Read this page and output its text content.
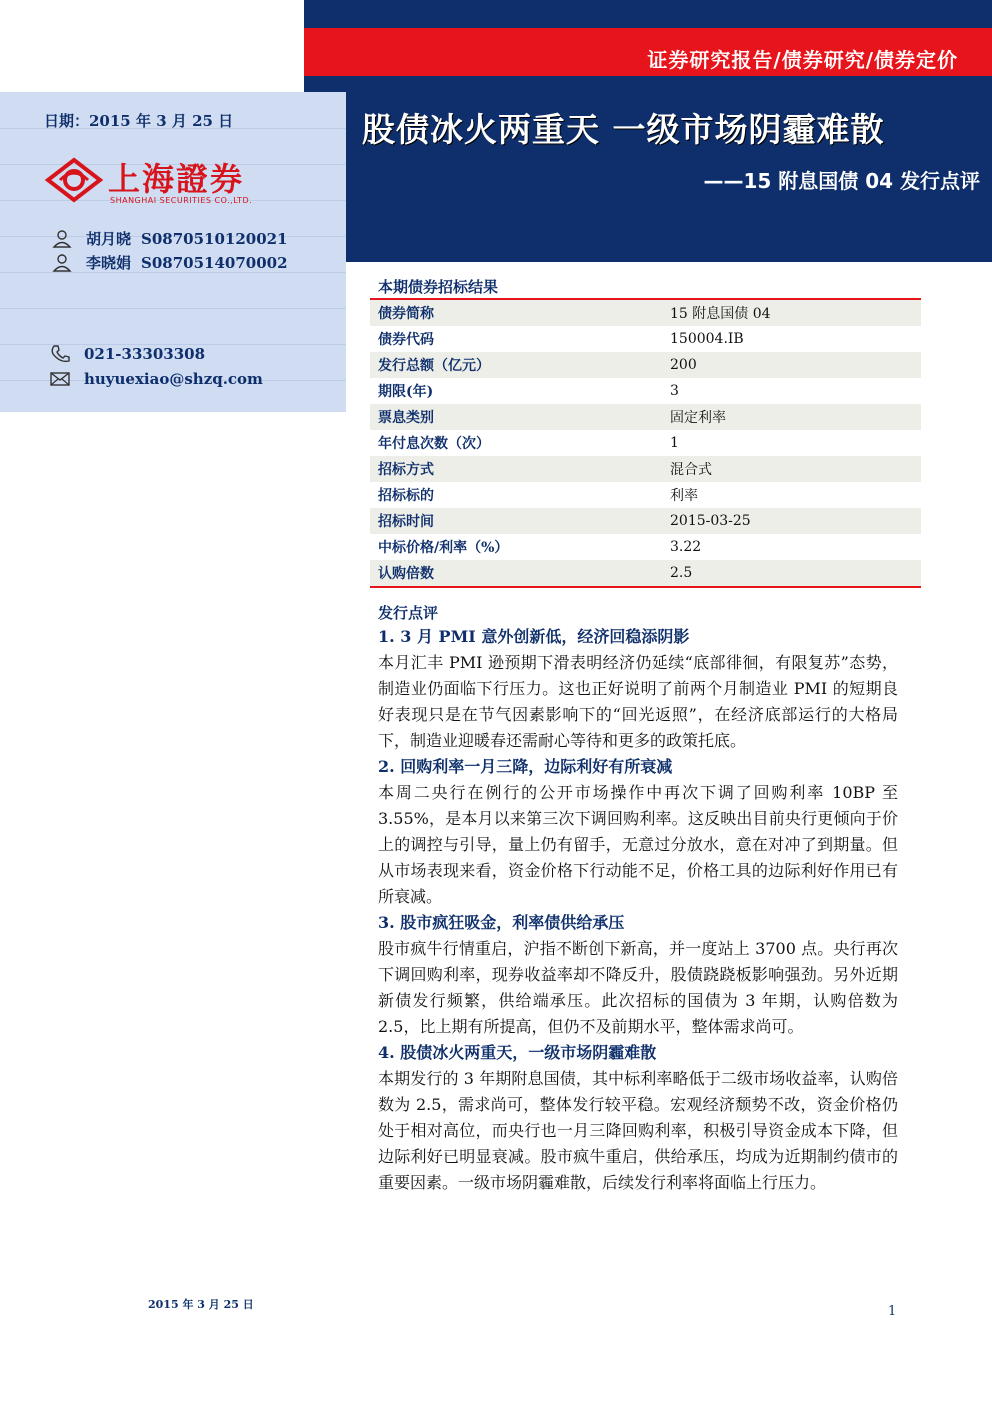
证券研究报告/债券研究/债券定价
股债冰火两重天 一级市场阴霾难散
——15 附息国债 04 发行点评
日期：2015 年 3 月 25 日
上海證券
SHANGHAI SECURITIES CO.,LTD.
胡月晓 S0870510120021
李晓娟 S0870514070002
021-33303308
huyuexiao@shzq.com
本期债券招标结果
债券简称	15 附息国债 04
债券代码	150004.IB
发行总额（亿元）	200
期限(年)	3
票息类别	固定利率
年付息次数（次）	1
招标方式	混合式
招标标的	利率
招标时间	2015-03-25
中标价格/利率（%）	3.22
认购倍数	2.5
发行点评
1. 3 月 PMI 意外创新低，经济回稳添阴影

本月汇丰 PMI 逊预期下滑表明经济仍延续“底部徘徊，有限复苏”态势，制造业仍面临下行压力。这也正好说明了前两个月制造业 PMI 的短期良好表现只是在节气因素影响下的“回光返照”，在经济底部运行的大格局下，制造业迎暖春还需耐心等待和更多的政策托底。

2. 回购利率一月三降，边际利好有所衰减

本周二央行在例行的公开市场操作中再次下调了回购利率 10BP 至 3.55%，是本月以来第三次下调回购利率。这反映出目前央行更倾向于价上的调控与引导，量上仍有留手，无意过分放水，意在对冲了到期量。但从市场表现来看，资金价格下行动能不足，价格工具的边际利好作用已有所衰减。

3. 股市疯狂吸金，利率债供给承压

股市疯牛行情重启，沪指不断创下新高，并一度站上 3700 点。央行再次下调回购利率，现券收益率却不降反升，股债跷跷板影响强劲。另外近期新债发行频繁，供给端承压。此次招标的国债为 3 年期，认购倍数为 2.5，比上期有所提高，但仍不及前期水平，整体需求尚可。

4. 股债冰火两重天，一级市场阴霾难散

本期发行的 3 年期附息国债，其中标利率略低于二级市场收益率，认购倍数为 2.5，需求尚可，整体发行较平稳。宏观经济颓势不改，资金价格仍处于相对高位，而央行也一月三降回购利率，积极引导资金成本下降，但边际利好已明显衰减。股市疯牛重启，供给承压，均成为近期制约债市的重要因素。一级市场阴霾难散，后续发行利率将面临上行压力。

2015 年 3 月 25 日	1
